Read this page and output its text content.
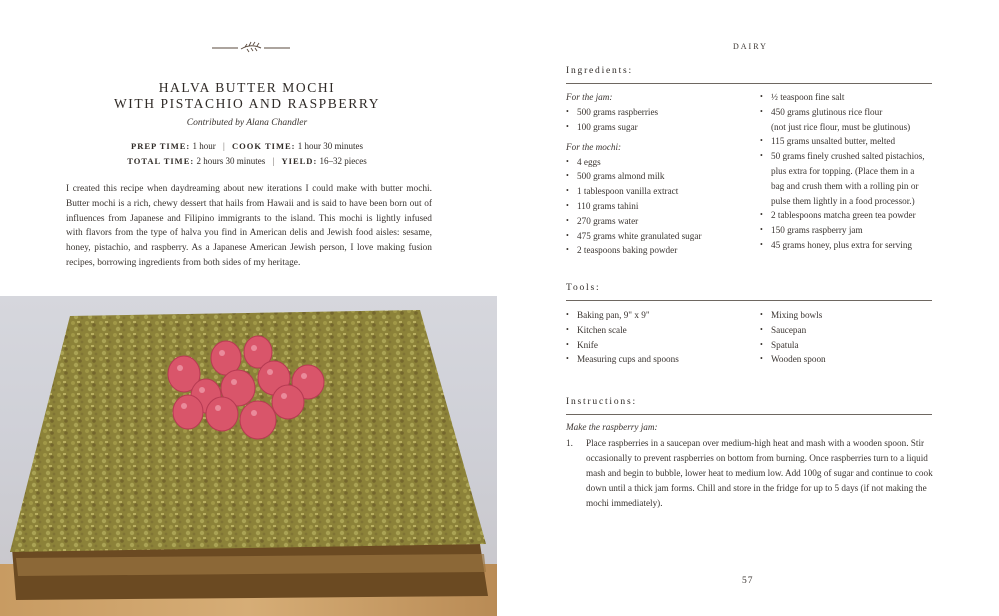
HALVA BUTTER MOCHI
WITH PISTACHIO AND RASPBERRY
Contributed by Alana Chandler
PREP TIME: 1 hour | COOK TIME: 1 hour 30 minutes
TOTAL TIME: 2 hours 30 minutes | YIELD: 16–32 pieces

I created this recipe when daydreaming about new iterations I could make with butter mochi. Butter mochi is a rich, chewy dessert that hails from Hawaii and is said to have been born out of influences from Japanese and Filipino immigrants to the island. This mochi is lightly infused with flavors from the type of halva you find in American delis and Jewish food aisles: sesame, honey, pistachio, and raspberry. As a Japanese American Jewish person, I love making fusion recipes, borrowing ingredients from both sides of my heritage.

DAIRY
Ingredients:
For the jam:
• 500 grams raspberries
• 100 grams sugar
For the mochi:
• 4 eggs
• 500 grams almond milk
• 1 tablespoon vanilla extract
• 110 grams tahini
• 270 grams water
• 475 grams white granulated sugar
• 2 teaspoons baking powder
• ½ teaspoon fine salt
• 450 grams glutinous rice flour
(not just rice flour, must be glutinous)
• 115 grams unsalted butter, melted
• 50 grams finely crushed salted pistachios,
plus extra for topping. (Place them in a
bag and crush them with a rolling pin or
pulse them lightly in a food processor.)
• 2 tablespoons matcha green tea powder
• 150 grams raspberry jam
• 45 grams honey, plus extra for serving
Tools:
• Baking pan, 9" x 9"
• Kitchen scale
• Knife
• Measuring cups and spoons
• Mixing bowls
• Saucepan
• Spatula
• Wooden spoon
Instructions:
Make the raspberry jam:
1. Place raspberries in a saucepan over medium-high heat and mash with a wooden spoon. Stir occasionally to prevent raspberries on bottom from burning. Once raspberries turn to a liquid mash and begin to bubble, lower heat to medium low. Add 100g of sugar and continue to cook down until a thick jam forms. Chill and store in the fridge for up to 5 days (if not making the mochi immediately).

57
